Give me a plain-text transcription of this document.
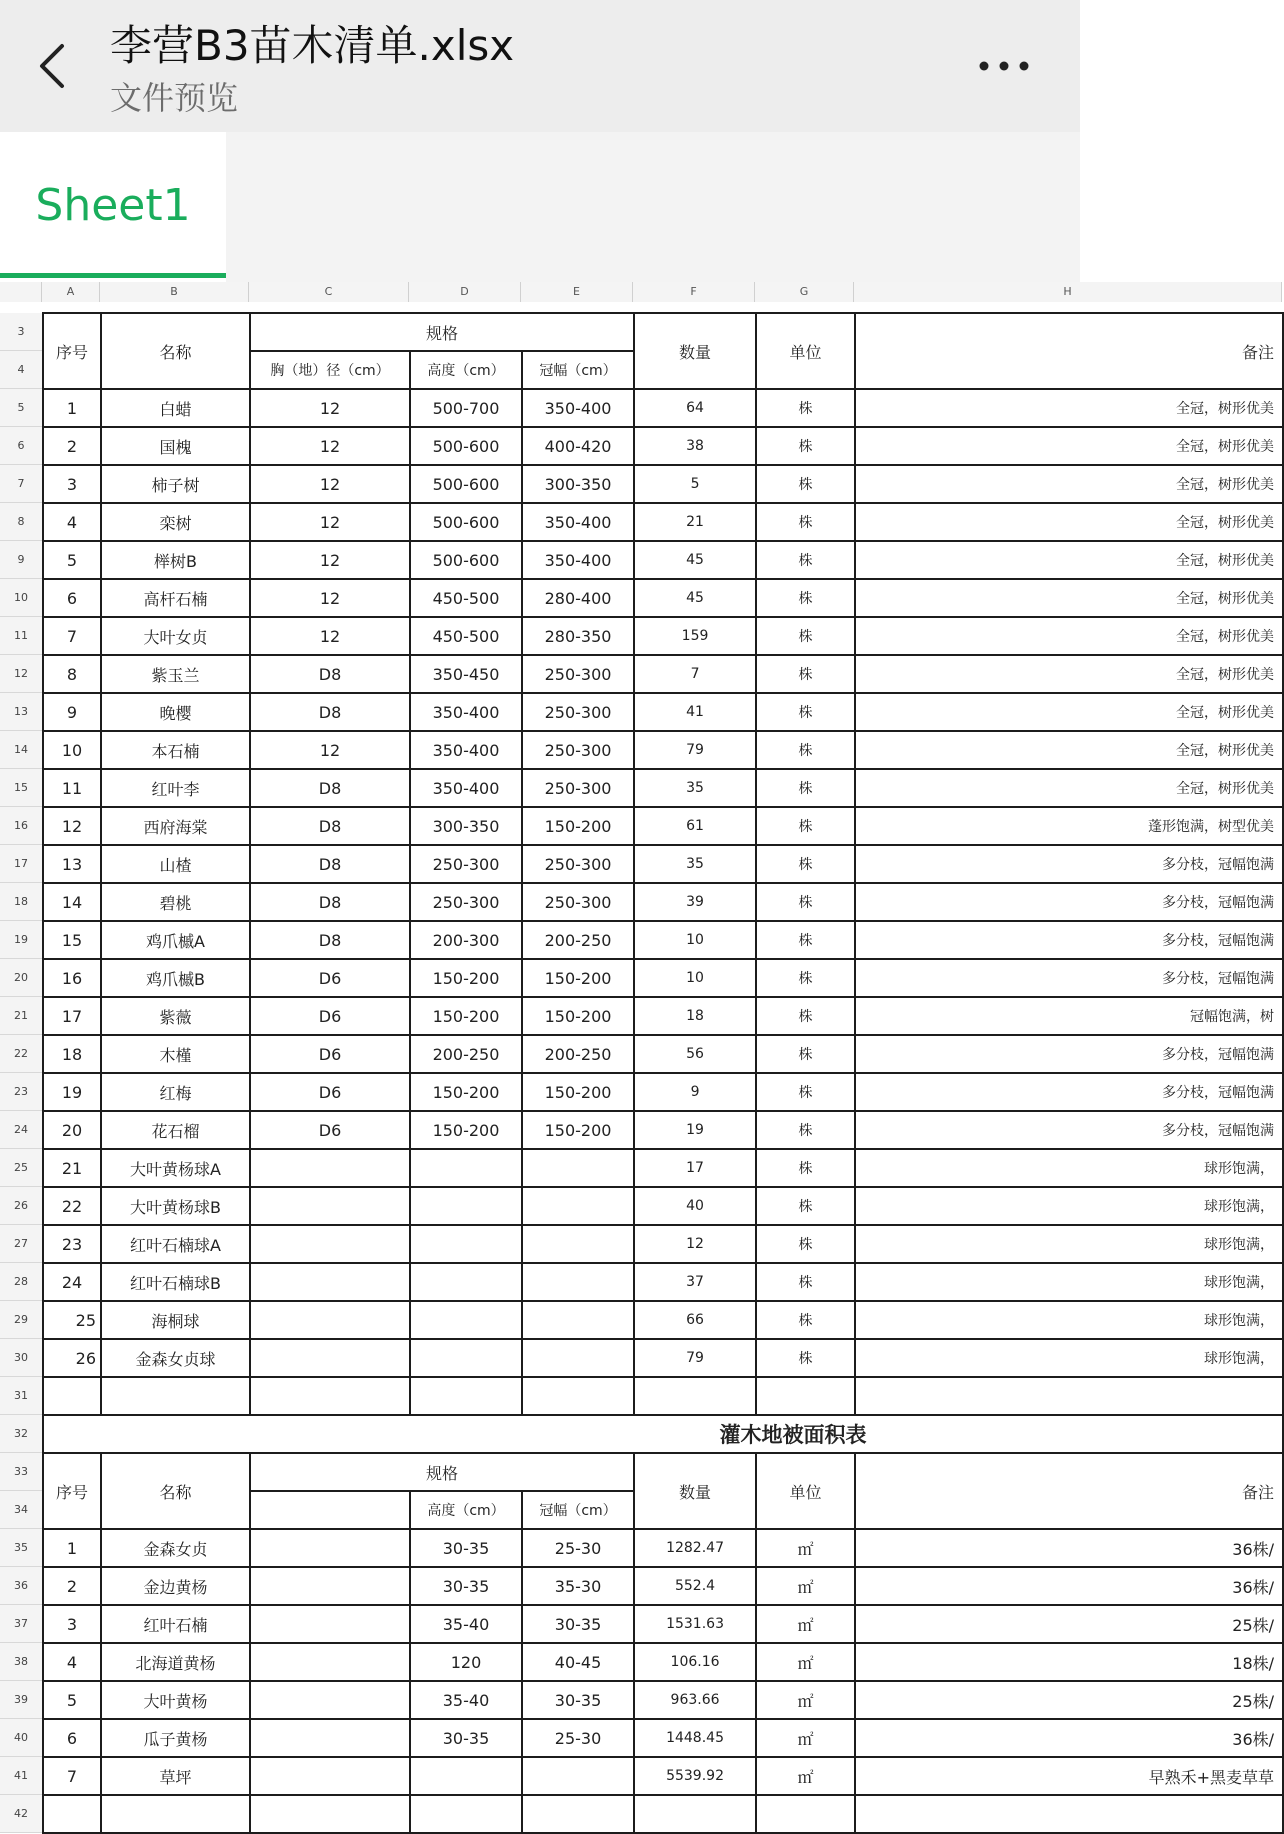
李营B3苗木清单.xlsx
文件预览
Sheet1
A	B	C	D	E	F	G	H
3
4
5
6
7
8
9
10
11
12
13
14
15
16
17
18
19
20
21
22
23
24
25
26
27
28
29
30
31
32
33
34
35
36
37
38
39
40
41
42
序号	名称	规格			数量	单位	备注
		胸（地）径（cm）	高度（cm）	冠幅（cm）			
1	白蜡	12	500-700	350-400	64	株	全冠，树形优美
2	国槐	12	500-600	400-420	38	株	全冠，树形优美
3	柿子树	12	500-600	300-350	5	株	全冠，树形优美
4	栾树	12	500-600	350-400	21	株	全冠，树形优美
5	榉树B	12	500-600	350-400	45	株	全冠，树形优美
6	高杆石楠	12	450-500	280-400	45	株	全冠，树形优美
7	大叶女贞	12	450-500	280-350	159	株	全冠，树形优美
8	紫玉兰	D8	350-450	250-300	7	株	全冠，树形优美
9	晚樱	D8	350-400	250-300	41	株	全冠，树形优美
10	本石楠	12	350-400	250-300	79	株	全冠，树形优美
11	红叶李	D8	350-400	250-300	35	株	全冠，树形优美
12	西府海棠	D8	300-350	150-200	61	株	蓬形饱满，树型优美
13	山楂	D8	250-300	250-300	35	株	多分枝，冠幅饱满
14	碧桃	D8	250-300	250-300	39	株	多分枝，冠幅饱满
15	鸡爪槭A	D8	200-300	200-250	10	株	多分枝，冠幅饱满
16	鸡爪槭B	D6	150-200	150-200	10	株	多分枝，冠幅饱满
17	紫薇	D6	150-200	150-200	18	株	冠幅饱满，树
18	木槿	D6	200-250	200-250	56	株	多分枝，冠幅饱满
19	红梅	D6	150-200	150-200	9	株	多分枝，冠幅饱满
20	花石榴	D6	150-200	150-200	19	株	多分枝，冠幅饱满
21	大叶黄杨球A				17	株	球形饱满，
22	大叶黄杨球B				40	株	球形饱满，
23	红叶石楠球A				12	株	球形饱满，
24	红叶石楠球B				37	株	球形饱满，
25	海桐球				66	株	球形饱满，
26	金森女贞球				79	株	球形饱满，

灌木地被面积表							
序号	名称	规格			数量	单位	备注
			高度（cm）	冠幅（cm）			
1	金森女贞		30-35	25-30	1282.47	㎡	36株/
2	金边黄杨		30-35	35-30	552.4	㎡	36株/
3	红叶石楠		35-40	30-35	1531.63	㎡	25株/
4	北海道黄杨		120	40-45	106.16	㎡	18株/
5	大叶黄杨		35-40	30-35	963.66	㎡	25株/
6	瓜子黄杨		30-35	25-30	1448.45	㎡	36株/
7	草坪				5539.92	㎡	早熟禾+黑麦草草
